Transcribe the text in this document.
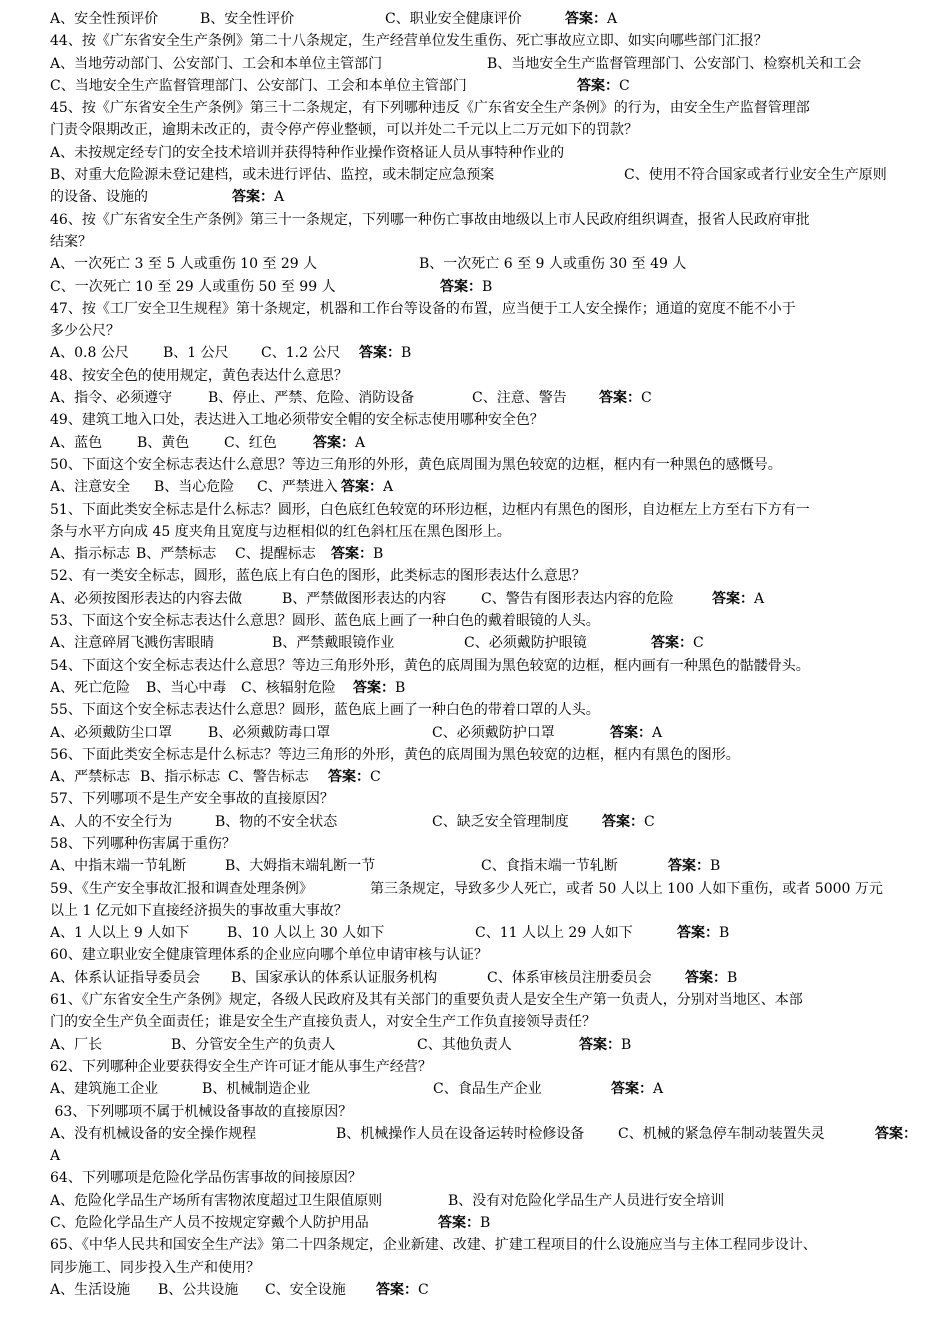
A、安全性预评价	B、安全性评价	C、职业安全健康评价	答案：A
44、按《广东省安全生产条例》第二十八条规定，生产经营单位发生重伤、死亡事故应立即、如实向哪些部门汇报？
A、当地劳动部门、公安部门、工会和本单位主管部门	B、当地安全生产监督管理部门、公安部门、检察机关和工会
C、当地安全生产监督管理部门、公安部门、工会和本单位主管部门	答案：C
45、按《广东省安全生产条例》第三十二条规定，有下列哪种违反《广东省安全生产条例》的行为，由安全生产监督管理部
门责令限期改正，逾期未改正的，责令停产停业整顿，可以并处二千元以上二万元如下的罚款？
A、未按规定经专门的安全技术培训并获得特种作业操作资格证人员从事特种作业的
B、对重大危险源未登记建档，或未进行评估、监控，或未制定应急预案	C、使用不符合国家或者行业安全生产原则
的设备、设施的	答案：A
46、按《广东省安全生产条例》第三十一条规定，下列哪一种伤亡事故由地级以上市人民政府组织调查，报省人民政府审批
结案？
A、一次死亡 3 至 5 人或重伤 10 至 29 人	B、一次死亡 6 至 9 人或重伤 30 至 49 人
C、一次死亡 10 至 29 人或重伤 50 至 99 人	答案：B
47、按《工厂安全卫生规程》第十条规定，机器和工作台等设备的布置，应当便于工人安全操作；通道的宽度不能不小于
多少公尺？
A、0.8 公尺 B、1 公尺 C、1.2 公尺 答案：B
48、按安全色的使用规定，黄色表达什么意思？
A、指令、必须遵守	B、停止、严禁、危险、消防设备	C、注意、警告 答案：C
49、建筑工地入口处，表达进入工地必须带安全帽的安全标志使用哪种安全色？
A、蓝色 B、黄色 C、红色	答案：A
50、下面这个安全标志表达什么意思？等边三角形的外形，黄色底周围为黑色较宽的边框，框内有一种黑色的感慨号。
A、注意安全 B、当心危险 C、严禁进入 答案：A
51、下面此类安全标志是什么标志？圆形，白色底红色较宽的环形边框，边框内有黑色的图形，自边框左上方至右下方有一
条与水平方向成 45 度夹角且宽度与边框相似的红色斜杠压在黑色图形上。
A、指示标志 B、严禁标志 C、提醒标志 答案：B
52、有一类安全标志，圆形，蓝色底上有白色的图形，此类标志的图形表达什么意思？
A、必须按图形表达的内容去做	B、严禁做图形表达的内容 C、警告有图形表达内容的危险	答案：A
53、下面这个安全标志表达什么意思？圆形、蓝色底上画了一种白色的戴着眼镜的人头。
A、注意碎屑飞溅伤害眼睛	B、严禁戴眼镜作业	C、必须戴防护眼镜	答案：C
54、下面这个安全标志表达什么意思？等边三角形外形，黄色的底周围为黑色较宽的边框，框内画有一种黑色的骷髅骨头。
A、死亡危险 B、当心中毒 C、核辐射危险 答案：B
55、下面这个安全标志表达什么意思？圆形，蓝色底上画了一种白色的带着口罩的人头。
A、必须戴防尘口罩	B、必须戴防毒口罩	C、必须戴防护口罩	答案：A
56、下面此类安全标志是什么标志？等边三角形的外形，黄色的底周围为黑色较宽的边框，框内有黑色的图形。
A、严禁标志 B、指示标志 C、警告标志 答案：C
57、下列哪项不是生产安全事故的直接原因？
A、人的不安全行为	B、物的不安全状态	C、缺乏安全管理制度 答案：C
58、下列哪种伤害属于重伤？
A、中指末端一节轧断	B、大姆指末端轧断一节	C、食指末端一节轧断	答案：B
59、《生产安全事故汇报和调查处理条例》	第三条规定，导致多少人死亡，或者 50 人以上 100 人如下重伤，或者 5000 万元
以上 1 亿元如下直接经济损失的事故重大事故？
A、1 人以上 9 人如下	B、10 人以上 30 人如下	C、11 人以上 29 人如下	答案：B
60、建立职业安全健康管理体系的企业应向哪个单位申请审核与认证？
A、体系认证指导委员会 B、国家承认的体系认证服务机构	C、体系审核员注册委员会 答案：B
61、《广东省安全生产条例》规定，各级人民政府及其有关部门的重要负责人是安全生产第一负责人，分别对当地区、本部
门的安全生产负全面责任；谁是安全生产直接负责人，对安全生产工作负直接领导责任？
A、厂长	B、分管安全生产的负责人	C、其他负责人	答案：B
62、下列哪种企业要获得安全生产许可证才能从事生产经营？
A、建筑施工企业	B、机械制造企业	C、食品生产企业	答案：A
63、下列哪项不属于机械设备事故的直接原因？
A、没有机械设备的安全操作规程	B、机械操作人员在设备运转时检修设备 C、机械的紧急停车制动装置失灵	答案：
A
64、下列哪项是危险化学品伤害事故的间接原因？
A、危险化学品生产场所有害物浓度超过卫生限值原则	B、没有对危险化学品生产人员进行安全培训
C、危险化学品生产人员不按规定穿戴个人防护用品	答案：B
65、《中华人民共和国安全生产法》第二十四条规定，企业新建、改建、扩建工程项目的什么设施应当与主体工程同步设计、
同步施工、同步投入生产和使用？
A、生活设施 B、公共设施 C、安全设施 答案：C
